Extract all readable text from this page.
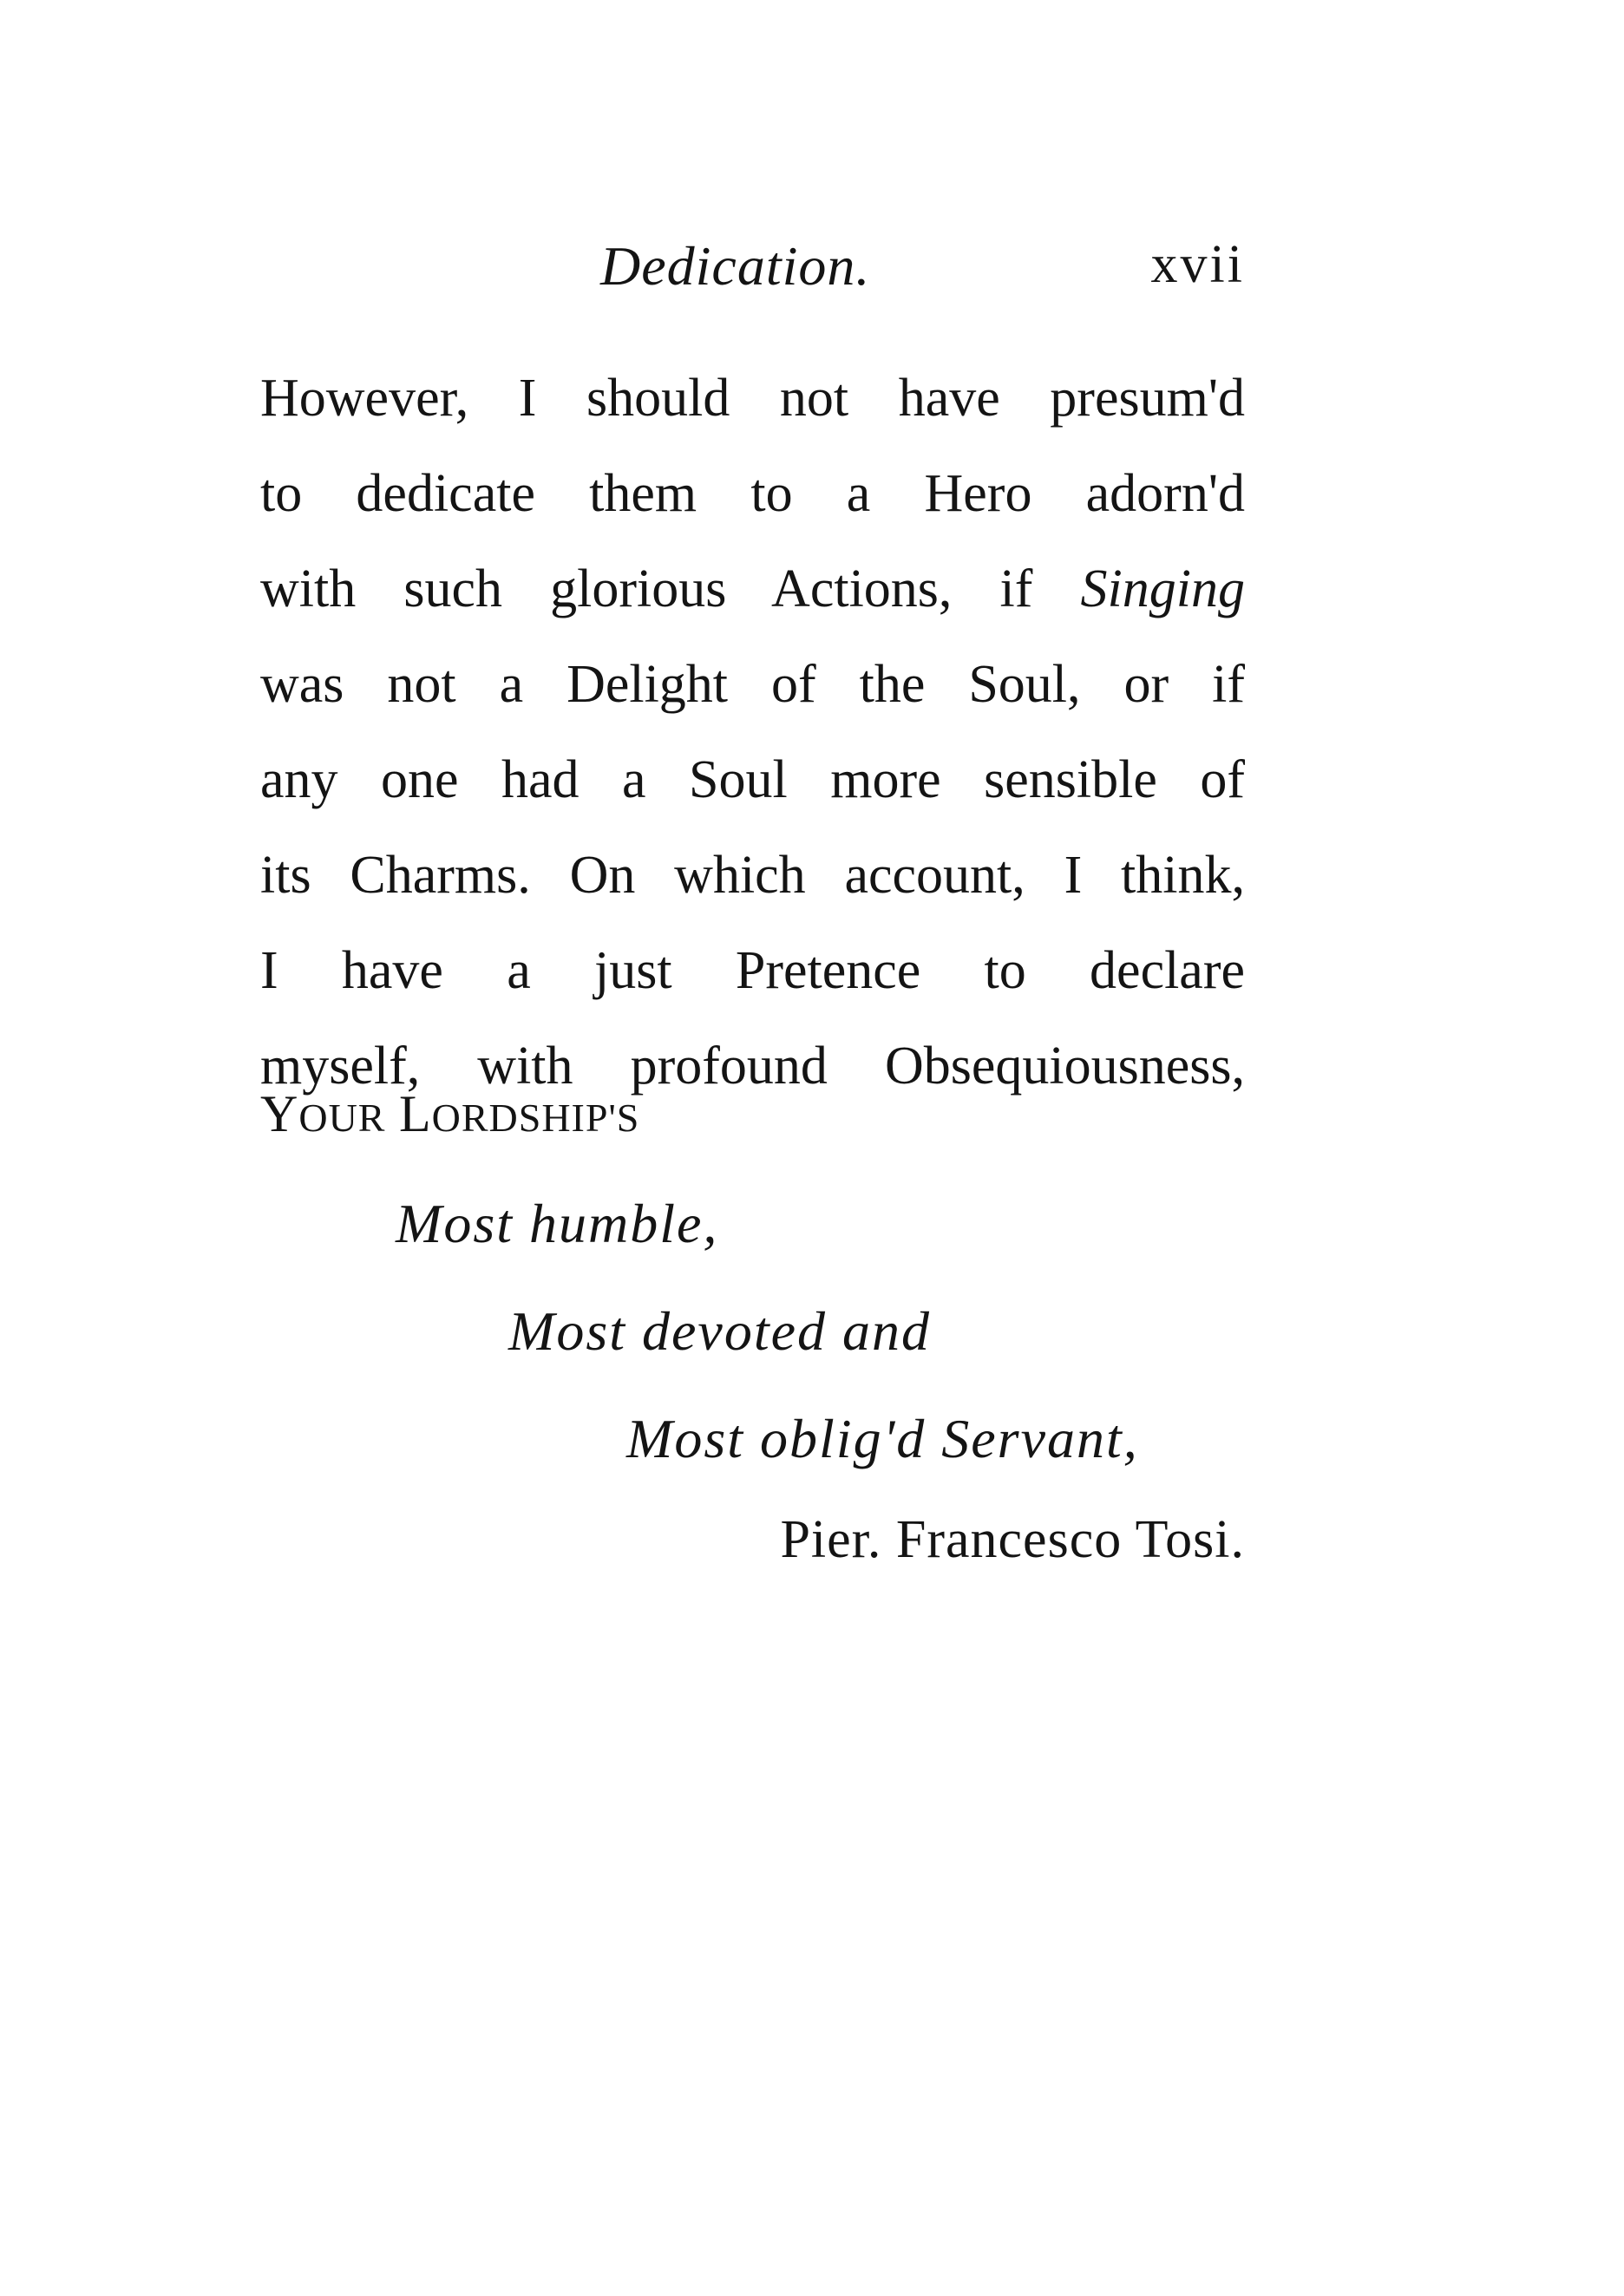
Dedication.	xvii
However, I should not have presum'd
to dedicate them to a Hero adorn'd
with such glorious Actions, if Singing
was not a Delight of the Soul, or if
any one had a Soul more sensible of
its Charms. On which account, I think,
I have a just Pretence to declare
myself, with profound Obsequiousness,
YOUR LORDSHIP'S
Most humble,
Most devoted and
Most oblig'd Servant,
Pier. Francesco Tosi.
